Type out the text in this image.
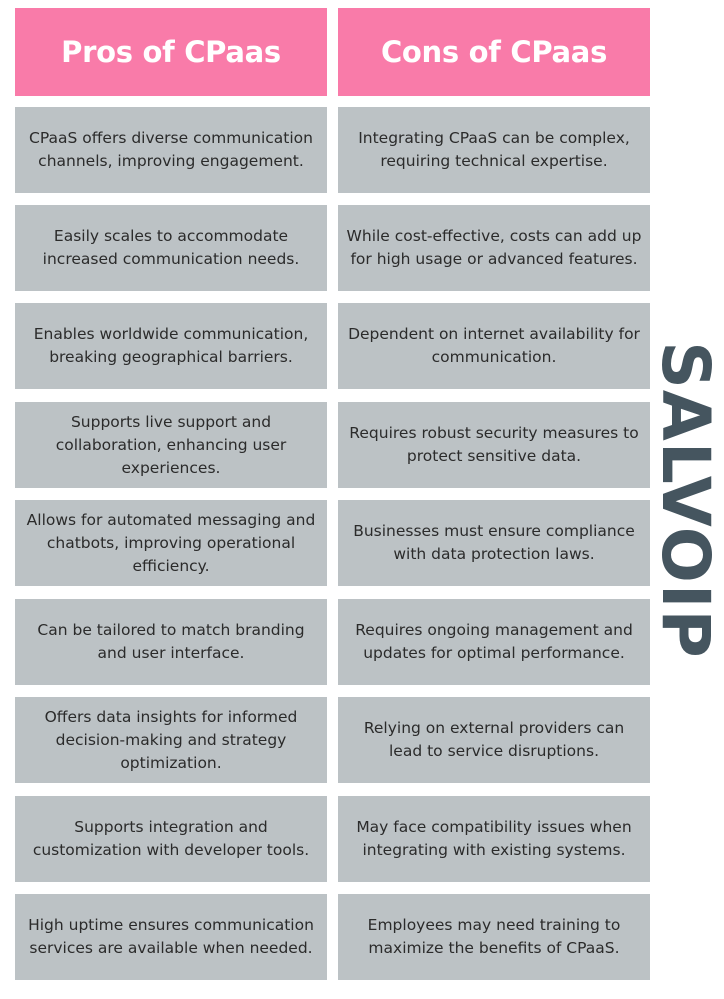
Pros of CPaas	Cons of CPaas
CPaaS offers diverse communication channels, improving engagement.
Integrating CPaaS can be complex, requiring technical expertise.
Easily scales to accommodate increased communication needs.
While cost-effective, costs can add up for high usage or advanced features.
Enables worldwide communication, breaking geographical barriers.
Dependent on internet availability for communication.
Supports live support and collaboration, enhancing user experiences.
Requires robust security measures to protect sensitive data.
Allows for automated messaging and chatbots, improving operational efficiency.
Businesses must ensure compliance with data protection laws.
Can be tailored to match branding and user interface.
Requires ongoing management and updates for optimal performance.
Offers data insights for informed decision-making and strategy optimization.
Relying on external providers can lead to service disruptions.
Supports integration and customization with developer tools.
May face compatibility issues when integrating with existing systems.
High uptime ensures communication services are available when needed.
Employees may need training to maximize the benefits of CPaaS.
SALVOIP
